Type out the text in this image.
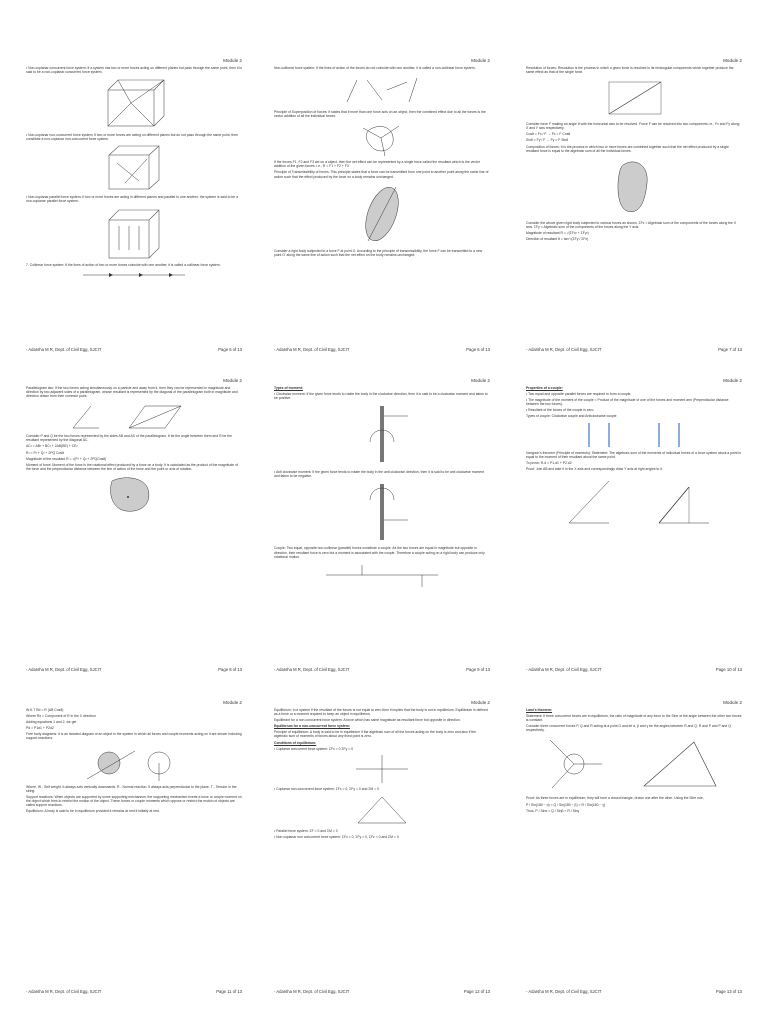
Module 2

• Non-coplanar concurrent force system: If a system has two or more forces acting on different planes but pass through the same point, then it is said to be a non-coplanar concurrent force system.

• Non-coplanar non-concurrent force system: If two or more forces are acting on different planes but do not pass through the same point, then constitute a non-coplanar non-concurrent force system.

• Non-coplanar parallel force system: If two or more forces are acting in different planes and parallel to one another, the system is said to be a non-coplanar parallel force system.

7. Collinear force system: If the lines of action of two or more forces coincide with one another, it is called a collinear force system.

- Adarsha M R, Dept. of Civil Egg, SJCIT	Page 5 of 13
Module 2

Non-collinear force system: If the lines of action of the forces do not coincide with one another, it is called a non-collinear force system.

Principle of Superposition of forces: It states that if more than one force acts on an object, then the combined effect due to all the forces is the vector addition of all the individual forces.

If the forces F1, F2 and F3 act on a object, then the net effect can be represented by a single force called the resultant which is the vector addition of the given forces. i.e., R = F1 + F2 + F3

Principle of Transmissibility of forces: This principle states that a force can be transmitted from one point to another point along the same line of action such that the effect produced by the force on a body remains unchanged.

Consider a rigid body subjected to a force F at point O. According to the principle of transmissibility, the force F can be transmitted to a new point O' along the same line of action such that the net effect on the body remains unchanged.

- Adarsha M R, Dept. of Civil Egg, SJCIT	Page 6 of 13
Module 2

Resolution of forces: Resolution is the process in which a given force is resolved in its rectangular components which together produce the same effect as that of the single force.

Consider force F making an angle θ with the horizontal axis to be resolved. Force F can be resolved into two components i.e., Fx and Fy along X and Y axis respectively.

Cosθ = Fx / F → Fx = F Cosθ

Sinθ = Fy / F → Fy = F Sinθ

Composition of forces: It is the process in which two or more forces are combined together such that the net effect produced by a single resultant force is equal to the algebraic sum of all the individual forces.

Consider the above given rigid body subjected to various forces as shown. ΣFx = Algebraic sum of the components of the forces along the X axis. ΣFy = Algebraic sum of the components of the forces along the Y axis.

Magnitude of resultant R = √(ΣFx² + ΣFy²)

Direction of resultant θ = tan⁻¹(ΣFy / ΣFx)

- Adarsha M R, Dept. of Civil Egg, SJCIT	Page 7 of 13
Module 2

Parallelogram law: If the two forces acting simultaneously on a particle and away from it, then they can be represented in magnitude and direction by two adjacent sides of a parallelogram, whose resultant is represented by the diagonal of the parallelogram both in magnitude and direction drawn from their common point.

Consider P and Q be the two forces represented by the sides AB and AD of the parallelogram, θ be the angle between them and R be the resultant represented by the diagonal AC.

AC² = AB² + BC² + 2AB(BE) + CE²

R² = P² + Q² + 2PQ Cosθ

Magnitude of the resultant R = √(P² + Q² + 2PQCosθ)

Moment of force: Moment of the force is the rotational effect produced by a force on a body. It is calculated as the product of the magnitude of the force and the perpendicular distance between the line of action of the force and the point or axis of rotation.

- Adarsha M R, Dept. of Civil Egg, SJCIT	Page 8 of 13
Module 2

Types of moment:

• Clockwise moment: If the given force tends to rotate the body in the clockwise direction, then it is said to be a clockwise moment and taken to be positive.

• Anti clockwise moment: If the given force tends to rotate the body in the anti clockwise direction, then it is said to be anti clockwise moment and taken to be negative.

Couple: Two equal, opposite non-collinear (parallel) forces constitute a couple. As the two forces are equal in magnitude but opposite in direction, their resultant force is zero but a moment is associated with the couple. Therefore a couple acting on a rigid body can produce only rotational motion.

- Adarsha M R, Dept. of Civil Egg, SJCIT	Page 9 of 13
Module 2

Properties of a couple:

• Two equal and opposite parallel forces are required to form a couple.

• The magnitude of the moment of the couple = Product of the magnitude of one of the forces and moment arm (Perpendicular distance between the two forces).

• Resultant of the forces of the couple is zero.

Types of couple: Clockwise couple and Anticlockwise couple

Varignon's theorem (Principle of moments): Statement: The algebraic sum of the moments of individual forces of a force system about a point is equal to the moment of their resultant about the same point.

To prove: R.d = P1.d1 + P2.d2

Proof: Join AB and take it in the X axis and correspondingly draw Y axis at right angles to it.

- Adarsha M R, Dept. of Civil Egg, SJCIT	Page 10 of 13
Module 2

W.K.T Rd = R (AB Cosθ)

Where Rx = Component of R in the X direction

Adding equations 1 and 2, we get

Pd = P1d1 + P2d2

Free body diagrams: It is an isolated diagram of an object in the system in which all forces and couple moments acting on it are shown including support reactions.

Where, W - Self weight. It always acts vertically downwards. R - Normal reaction. It always acts perpendicular to the plane. T - Tension in the string.

Support reactions: When objects are supported by some supporting mechanism, the supporting mechanism exerts a force or couple moment on the object which tries to restrict the motion of the object. These forces or couple moments which oppose or restrict the motion of objects are called support reactions.

Equilibrium: A body is said to be in equilibrium provided it remains at rest if initially at rest.

- Adarsha M R, Dept. of Civil Egg, SJCIT	Page 11 of 13
Module 2

Equilibrium: In a system if the resultant of the forces is not equal to zero then it implies that the body is not in equilibrium. Equilibrium is defined as a force or a moment required to keep an object in equilibrium.

Equilibrant for a non-concurrent force system: A force which has same magnitude as resultant force but opposite in direction.

Equilibrium for a non-concurrent force system:

Principle of equilibrium: A body is said to be in equilibrium if the algebraic sum of all the forces acting on the body is zero and also if the algebraic sum of moments of forces about any fixed point is zero.

Conditions of equilibrium:

• Coplanar concurrent force system: ΣFx = 0 ΣFy = 0

• Coplanar non-concurrent force system: ΣFx = 0, ΣFy = 0 and ΣM = 0

• Parallel force system: ΣF = 0 and ΣM = 0

• Non coplanar non concurrent force system: ΣFx = 0, ΣFy = 0, ΣFz = 0 and ΣM = 0

- Adarsha M R, Dept. of Civil Egg, SJCIT	Page 12 of 13
Module 2

Lami's theorem:

Statement: If three concurrent forces are in equilibrium, the ratio of magnitude of any force to the Sine of the angle between the other two forces is constant.

Consider three concurrent forces P, Q and R acting at a point O and let α, β and γ be the angles between R and Q, R and P and P and Q respectively.

Proof: As three forces are in equilibrium, they will form a closed triangle, drawn one after the other. Using the Sine rule,

P / Sin(180 − α) = Q / Sin(180 − β) = R / Sin(180 − γ)

Thus, P / Sinα = Q / Sinβ = R / Sinγ

- Adarsha M R, Dept. of Civil Egg, SJCIT	Page 13 of 13
